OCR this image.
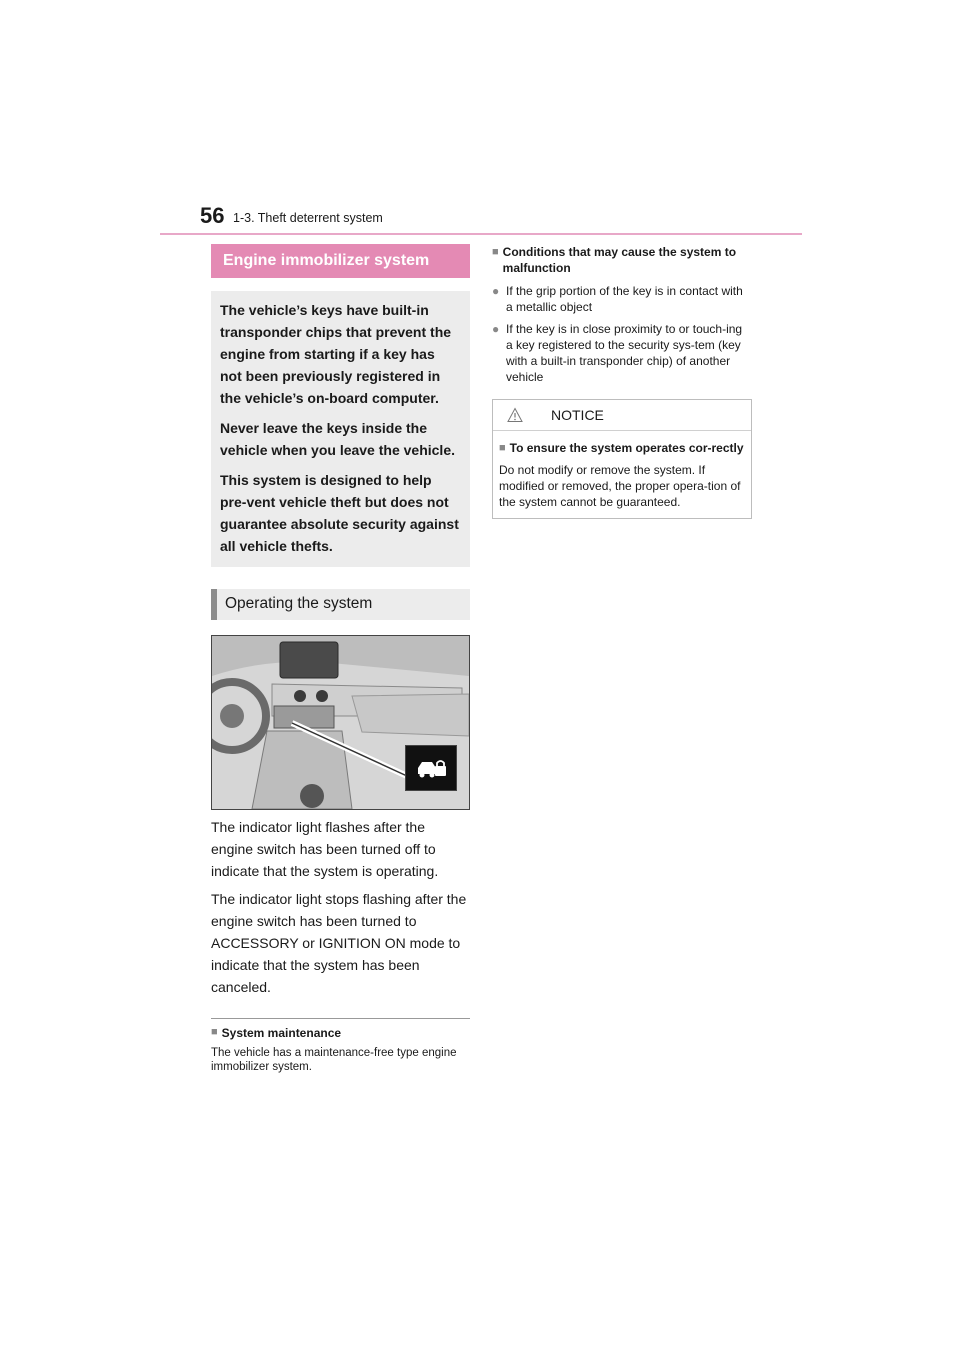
56 1-3. Theft deterrent system
Engine immobilizer system

The vehicle’s keys have built-in transponder chips that prevent the engine from starting if a key has not been previously registered in the vehicle’s on-board computer.

Never leave the keys inside the vehicle when you leave the vehicle.

This system is designed to help pre-vent vehicle theft but does not guarantee absolute security against all vehicle thefts.

Operating the system

The indicator light flashes after the engine switch has been turned off to indicate that the system is operating.

The indicator light stops flashing after the engine switch has been turned to ACCESSORY or IGNITION ON mode to indicate that the system has been canceled.

■ System maintenance
The vehicle has a maintenance-free type engine immobilizer system.
■ Conditions that may cause the system to malfunction
● If the grip portion of the key is in contact with a metallic object
● If the key is in close proximity to or touch-ing a key registered to the security sys-tem (key with a built-in transponder chip) of another vehicle
NOTICE
■ To ensure the system operates cor-rectly
Do not modify or remove the system. If modified or removed, the proper opera-tion of the system cannot be guaranteed.
